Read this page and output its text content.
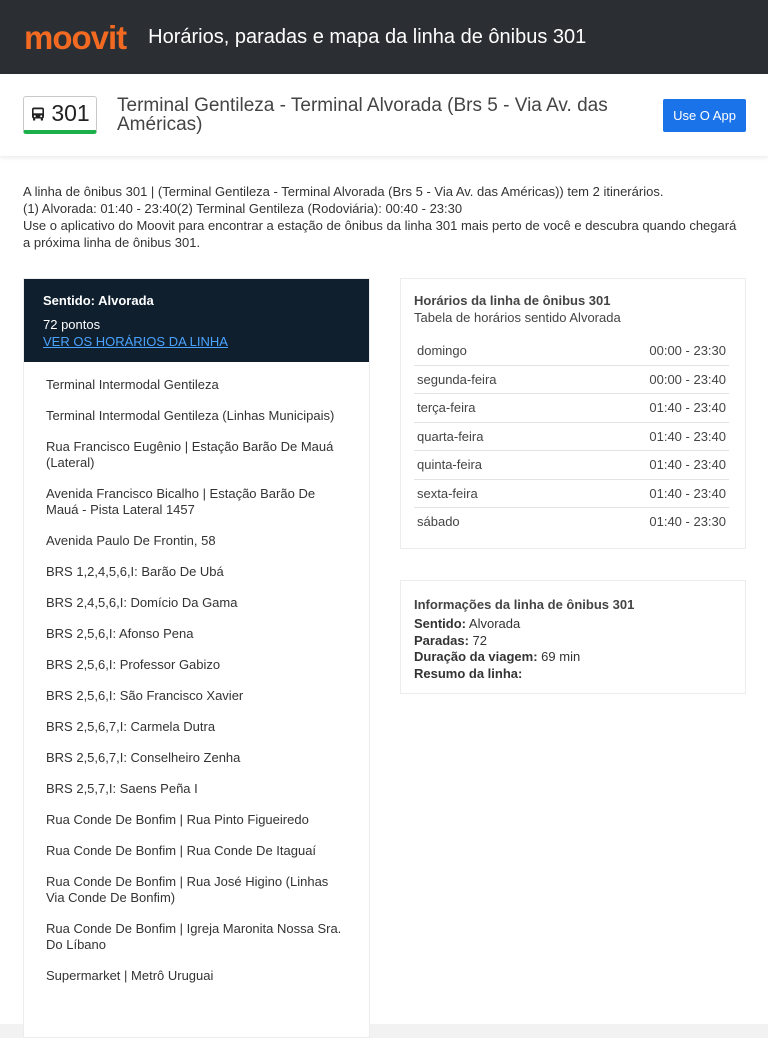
moovit Horários, paradas e mapa da linha de ônibus 301
301 Terminal Gentileza - Terminal Alvorada (Brs 5 - Via Av. das Américas)	Use O App

A linha de ônibus 301 | (Terminal Gentileza - Terminal Alvorada (Brs 5 - Via Av. das Américas)) tem 2 itinerários.

(1) Alvorada: 01:40 - 23:40(2) Terminal Gentileza (Rodoviária): 00:40 - 23:30

Use o aplicativo do Moovit para encontrar a estação de ônibus da linha 301 mais perto de você e descubra quando chegará a próxima linha de ônibus 301.

Sentido: Alvorada
72 pontos
VER OS HORÁRIOS DA LINHA
Terminal Intermodal Gentileza
Terminal Intermodal Gentileza (Linhas Municipais)
Rua Francisco Eugênio | Estação Barão De Mauá (Lateral)
Avenida Francisco Bicalho | Estação Barão De Mauá - Pista Lateral 1457
Avenida Paulo De Frontin, 58
BRS 1,2,4,5,6,I: Barão De Ubá
BRS 2,4,5,6,I: Domício Da Gama
BRS 2,5,6,I: Afonso Pena
BRS 2,5,6,I: Professor Gabizo
BRS 2,5,6,I: São Francisco Xavier
BRS 2,5,6,7,I: Carmela Dutra
BRS 2,5,6,7,I: Conselheiro Zenha
BRS 2,5,7,I: Saens Peña I
Rua Conde De Bonfim | Rua Pinto Figueiredo
Rua Conde De Bonfim | Rua Conde De Itaguaí
Rua Conde De Bonfim | Rua José Higino (Linhas Via Conde De Bonfim)
Rua Conde De Bonfim | Igreja Maronita Nossa Sra. Do Líbano
Supermarket | Metrô Uruguai
Horários da linha de ônibus 301
Tabela de horários sentido Alvorada
domingo	00:00 - 23:30
segunda-feira	00:00 - 23:40
terça-feira	01:40 - 23:40
quarta-feira	01:40 - 23:40
quinta-feira	01:40 - 23:40
sexta-feira	01:40 - 23:40
sábado	01:40 - 23:30
Informações da linha de ônibus 301
Sentido: Alvorada
Paradas: 72
Duração da viagem: 69 min
Resumo da linha:
